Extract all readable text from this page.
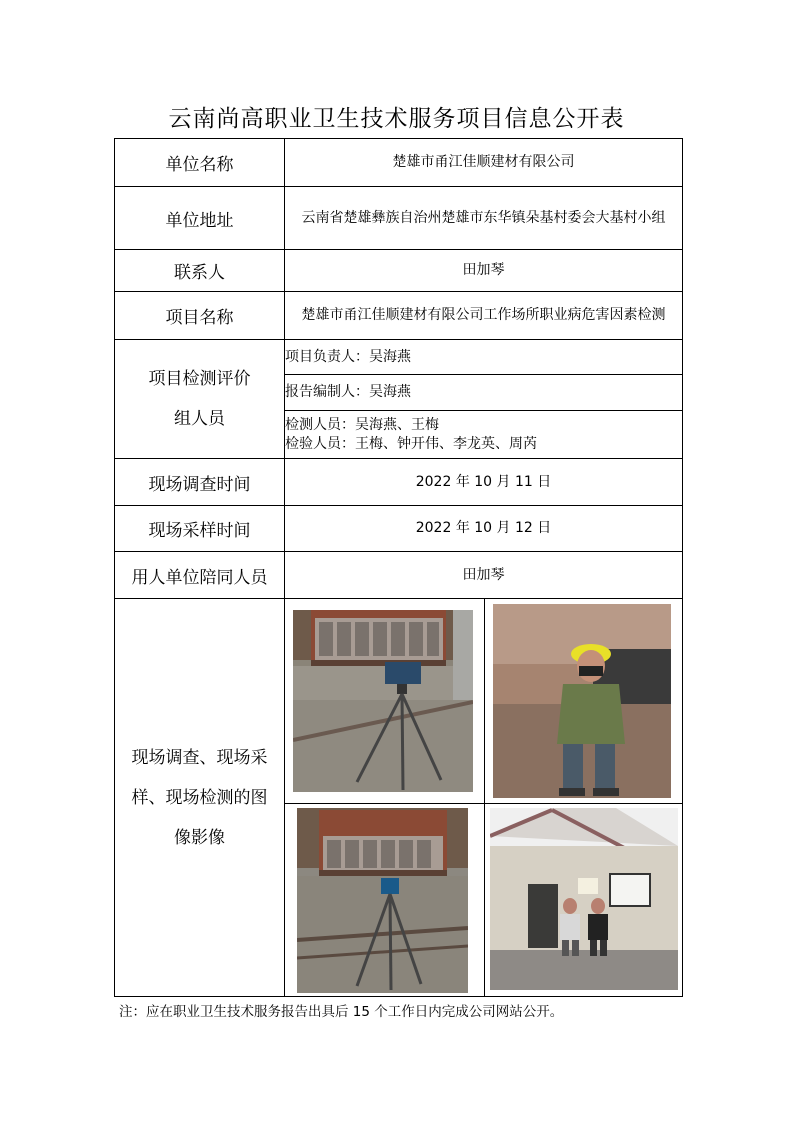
云南尚高职业卫生技术服务项目信息公开表
单位名称	楚雄市甬江佳顺建材有限公司	
单位地址	云南省楚雄彝族自治州楚雄市东华镇朵基村委会大基村小组	
联系人	田加琴	
项目名称	楚雄市甬江佳顺建材有限公司工作场所职业病危害因素检测	

项目检测评价
组人员	项目负责人：吴海燕	
	报告编制人：吴海燕	

	检测人员：吴海燕、王梅
检验人员：王梅、钟开伟、李龙英、周芮	

现场调查时间	2022 年 10 月 11 日	
现场采样时间	2022 年 10 月 12 日	
用人单位陪同人员	田加琴	

现场调查、现场采
样、现场检测的图
像影像		

注：应在职业卫生技术服务报告出具后 15 个工作日内完成公司网站公开。
